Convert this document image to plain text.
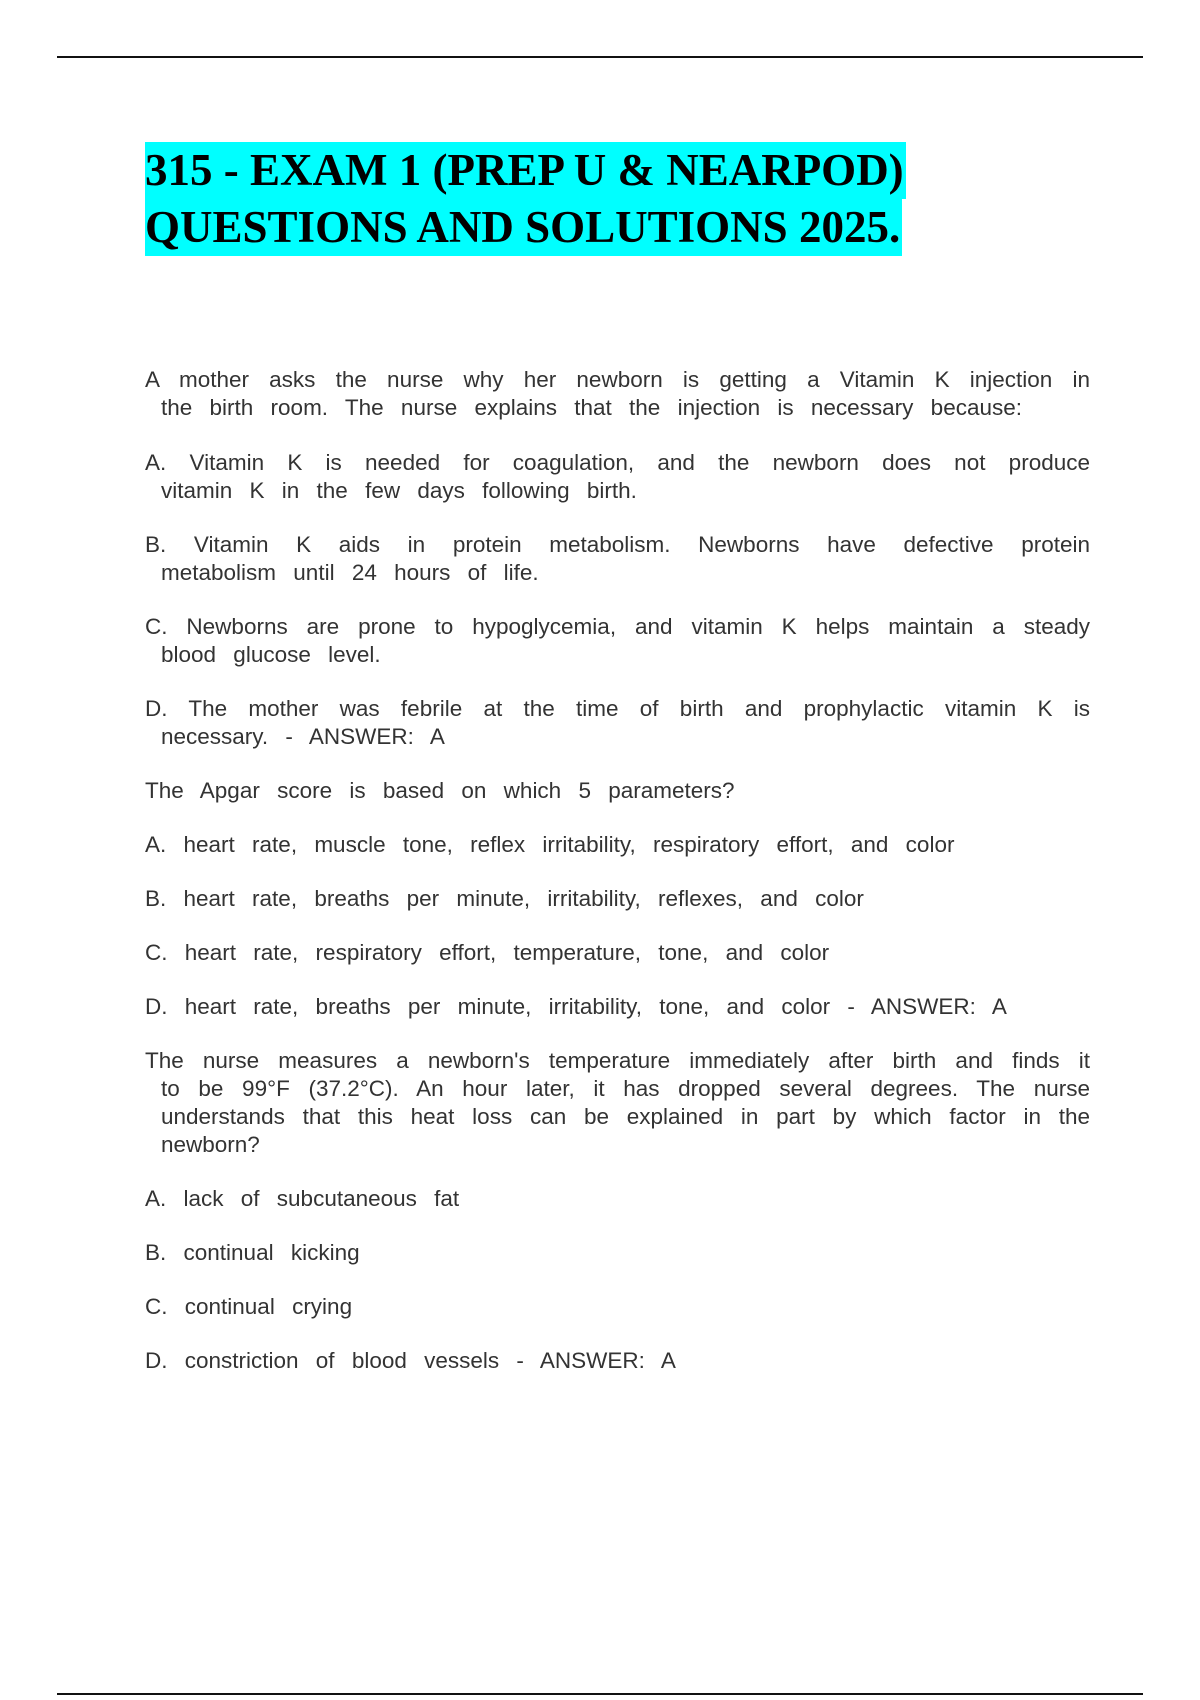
315 - EXAM 1 (PREP U & NEARPOD)
QUESTIONS AND SOLUTIONS 2025.

A mother asks the nurse why her newborn is getting a Vitamin K injection in the birth room. The nurse explains that the injection is necessary because:

A. Vitamin K is needed for coagulation, and the newborn does not produce vitamin K in the few days following birth.

B. Vitamin K aids in protein metabolism. Newborns have defective protein metabolism until 24 hours of life.

C. Newborns are prone to hypoglycemia, and vitamin K helps maintain a steady blood glucose level.

D. The mother was febrile at the time of birth and prophylactic vitamin K is necessary. - ANSWER: A

The Apgar score is based on which 5 parameters?

A. heart rate, muscle tone, reflex irritability, respiratory effort, and color

B. heart rate, breaths per minute, irritability, reflexes, and color

C. heart rate, respiratory effort, temperature, tone, and color

D. heart rate, breaths per minute, irritability, tone, and color - ANSWER: A

The nurse measures a newborn's temperature immediately after birth and finds it to be 99°F (37.2°C). An hour later, it has dropped several degrees. The nurse understands that this heat loss can be explained in part by which factor in the newborn?

A. lack of subcutaneous fat

B. continual kicking

C. continual crying

D. constriction of blood vessels - ANSWER: A
